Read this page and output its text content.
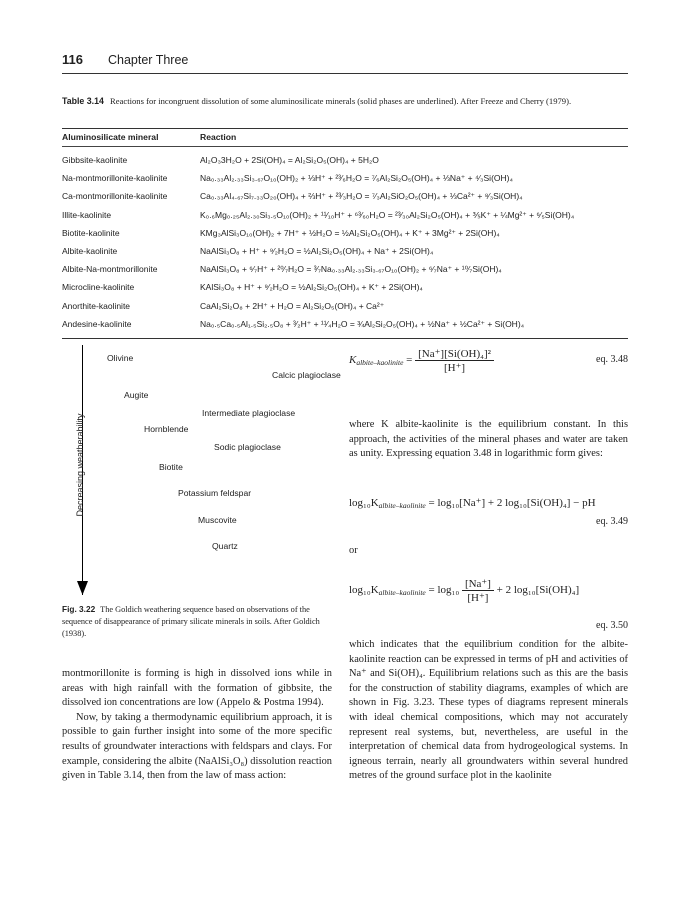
116 Chapter Three
Table 3.14 Reactions for incongruent dissolution of some aluminosilicate minerals (solid phases are underlined). After Freeze and Cherry (1979).
Aluminosilicate mineral	Reaction
Gibbsite-kaolinite	Al₂O₃3H₂O + 2Si(OH)₄ = Al₂Si₂O₅(OH)₄ + 5H₂O
Na-montmorillonite-kaolinite	Na₀.₃₃Al₂.₃₃Si₃.₆₇O₁₀(OH)₂ + ⅓H⁺ + ²³⁄₆H₂O = ⁷⁄₆Al₂Si₂O₅(OH)₄ + ⅓Na⁺ + ⁴⁄₃Si(OH)₄
Ca-montmorillonite-kaolinite	Ca₀.₃₃Al₄.₆₇Si₇.₃₃O₂₀(OH)₄ + ⅔H⁺ + ²³⁄₃H₂O = ⁷⁄₃Al₂SiO₂O₅(OH)₄ + ⅓Ca²⁺ + ⁸⁄₃Si(OH)₄
Illite-kaolinite	K₀.₆Mg₀.₂₅Al₂.₃₀Si₃.₅O₁₀(OH)₂ + ¹¹⁄₁₀H⁺ + ⁶³⁄₆₀H₂O = ²³⁄₃₀Al₂Si₂O₅(OH)₄ + ⅗K⁺ + ¼Mg²⁺ + ⁶⁄₅Si(OH)₄
Biotite-kaolinite	KMg₃AlSi₃O₁₀(OH)₂ + 7H⁺ + ½H₂O = ½Al₂Si₂O₅(OH)₄ + K⁺ + 3Mg²⁺ + 2Si(OH)₄
Albite-kaolinite	NaAlSi₃O₈ + H⁺ + ⁹⁄₂H₂O = ½Al₂Si₂O₅(OH)₄ + Na⁺ + 2Si(OH)₄
Albite-Na-montmorillonite	NaAlSi₃O₈ + ⁶⁄₇H⁺ + ²⁰⁄₇H₂O = ³⁄₇Na₀.₃₃Al₂.₃₃Si₃.₆₇O₁₀(OH)₂ + ⁶⁄₇Na⁺ + ¹⁰⁄₇Si(OH)₄
Microcline-kaolinite	KAlSi₃O₈ + H⁺ + ⁹⁄₂H₂O = ½Al₂Si₂O₅(OH)₄ + K⁺ + 2Si(OH)₄
Anorthite-kaolinite	CaAl₂Si₂O₈ + 2H⁺ + H₂O = Al₂Si₂O₅(OH)₄ + Ca²⁺
Andesine-kaolinite	Na₀.₅Ca₀.₅Al₁.₅Si₂.₅O₈ + ³⁄₂H⁺ + ¹¹⁄₄H₂O = ¾Al₂Si₂O₅(OH)₄ + ½Na⁺ + ½Ca²⁺ + Si(OH)₄
Decreasing weatherability
Olivine
Calcic plagioclase
Augite
Intermediate plagioclase
Hornblende
Sodic plagioclase
Biotite
Potassium feldspar
Muscovite
Quartz
Fig. 3.22 The Goldich weathering sequence based on observations of the sequence of disappearance of primary silicate minerals in soils. After Goldich (1938).
Kalbite–kaolinite = $\frac{\text{[Na⁺][Si(OH)₄]²}}{[H^+]}$	eq. 3.48
where K albite-kaolinite is the equilibrium constant. In this approach, the activities of the mineral phases and water are taken as unity. Expressing equation 3.48 in logarithmic form gives:
log₁₀Kalbite–kaolinite = log₁₀[Na⁺] + 2 log₁₀[Si(OH)₄] − pH
eq. 3.49
or
log₁₀Kalbite–kaolinite = $\log_{10} \frac{[Na^+]}{[H^+]} + 2$ log₁₀[Si(OH)₄]
eq. 3.50
which indicates that the equilibrium condition for the albite-kaolinite reaction can be expressed in terms of pH and activities of Na⁺ and Si(OH)₄. Equilibrium relations such as this are the basis for the construction of stability diagrams, examples of which are shown in Fig. 3.23. These types of diagrams represent minerals with ideal chemical compositions, which may not accurately represent real systems, but, nevertheless, are useful in the interpretation of chemical data from hydrogeological systems. In igneous terrain, nearly all groundwaters within several hundred metres of the ground surface plot in the kaolinite

montmorillonite is forming is high in dissolved ions while in areas with high rainfall with the formation of gibbsite, the dissolved ion concentrations are low (Appelo & Postma 1994).

Now, by taking a thermodynamic equilibrium approach, it is possible to gain further insight into some of the more specific results of groundwater interactions with feldspars and clays. For example, considering the albite (NaAlSi₃O₈) dissolution reaction given in Table 3.14, then from the law of mass action:
